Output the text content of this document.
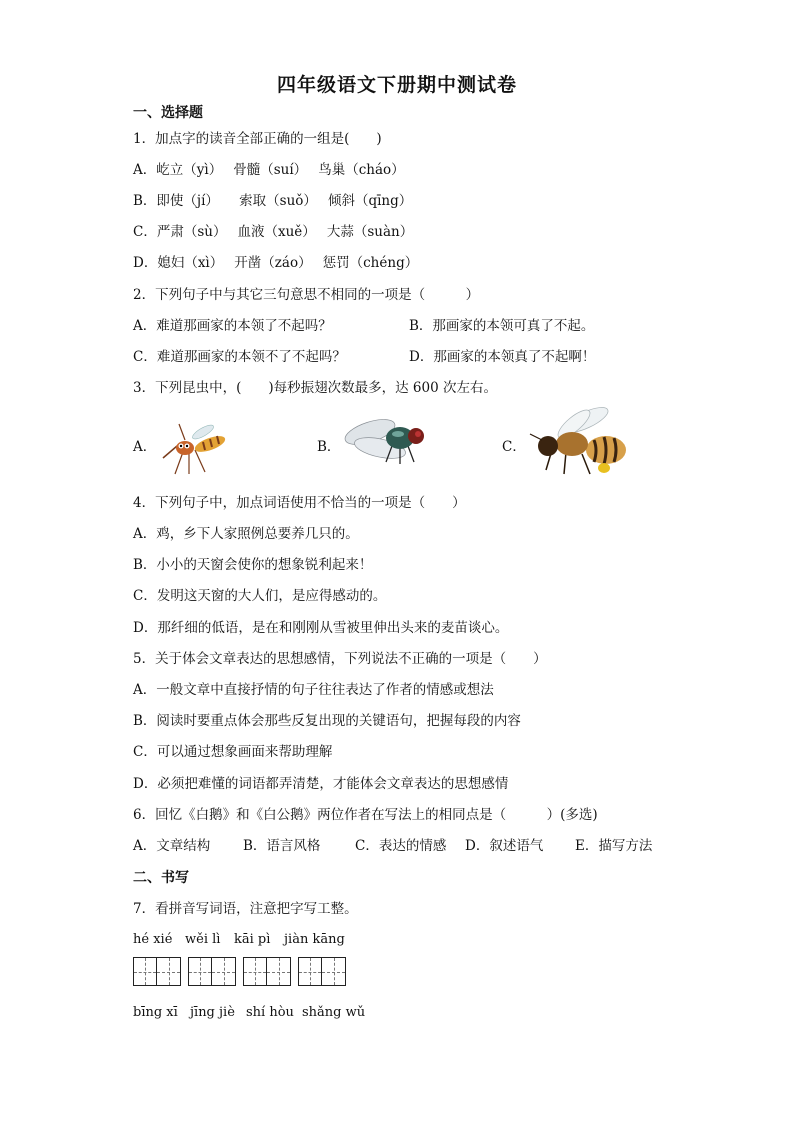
四年级语文下册期中测试卷
一、选择题
1．加点字的读音全部正确的一组是(　　)
A．屹立（yì）　 骨髓（suí）　 鸟巢（cháo）
B．即使（jí）　　索取（suǒ）　 倾斜（qīng）
C．严肃（sù）　 血液（xuě）　 大蒜（suàn）
D．媳妇（xì）　 开凿（záo）　 惩罚（chéng）
2．下列句子中与其它三句意思不相同的一项是（　　　）
A．难道那画家的本领了不起吗？	B．那画家的本领可真了不起。
C．难道那画家的本领不了不起吗？	D．那画家的本领真了不起啊！
3．下列昆虫中，(　　)每秒振翅次数最多，达 600 次左右。
A．	B．	C．
4．下列句子中，加点词语使用不恰当的一项是（　　）
A．鸡，乡下人家照例总要养几只的。
B．小小的天窗会使你的想象锐利起来！
C．发明这天窗的大人们，是应得感动的。
D．那纤细的低语，是在和刚刚从雪被里伸出头来的麦苗谈心。
5．关于体会文章表达的思想感情，下列说法不正确的一项是（　　）
A．一般文章中直接抒情的句子往往表达了作者的情感或想法
B．阅读时要重点体会那些反复出现的关键语句，把握每段的内容
C．可以通过想象画面来帮助理解
D．必须把难懂的词语都弄清楚，才能体会文章表达的思想感情
6．回忆《白鹅》和《白公鹅》两位作者在写法上的相同点是（　　　）(多选)
A．文章结构 B．语言风格	C．表达的情感 D．叙述语气 E．描写方法
二、书写
7．看拼音写词语，注意把字写工整。
hé xié wěi lì kāi pì jiàn kāng
bīng xī jīng jiè shí hòu shǎng wǔ
